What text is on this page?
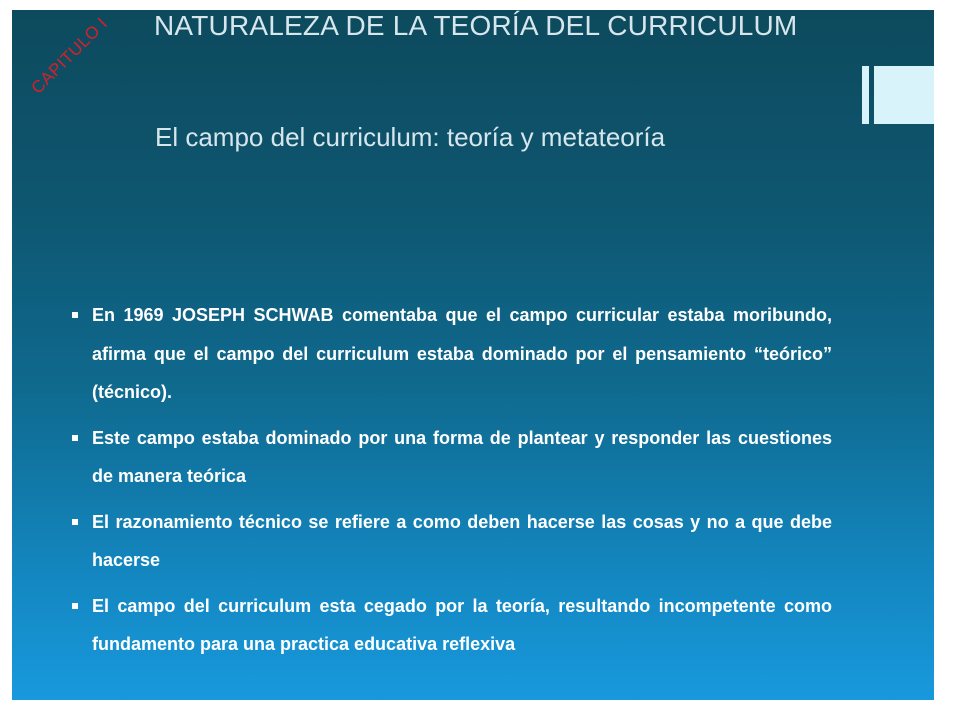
CAPITULO I NATURALEZA DE LA TEORÍA DEL CURRICULUM
El campo del curriculum: teoría y metateoría
En 1969 JOSEPH SCHWAB comentaba que el campo curricular estaba moribundo, afirma que el campo del curriculum estaba dominado por el pensamiento “teórico” (técnico).
Este campo estaba dominado por una forma de plantear y responder las cuestiones de manera teórica
El razonamiento técnico se refiere a como deben hacerse las cosas y no a que debe hacerse
El campo del curriculum esta cegado por la teoría, resultando incompetente como fundamento para una practica educativa reflexiva
